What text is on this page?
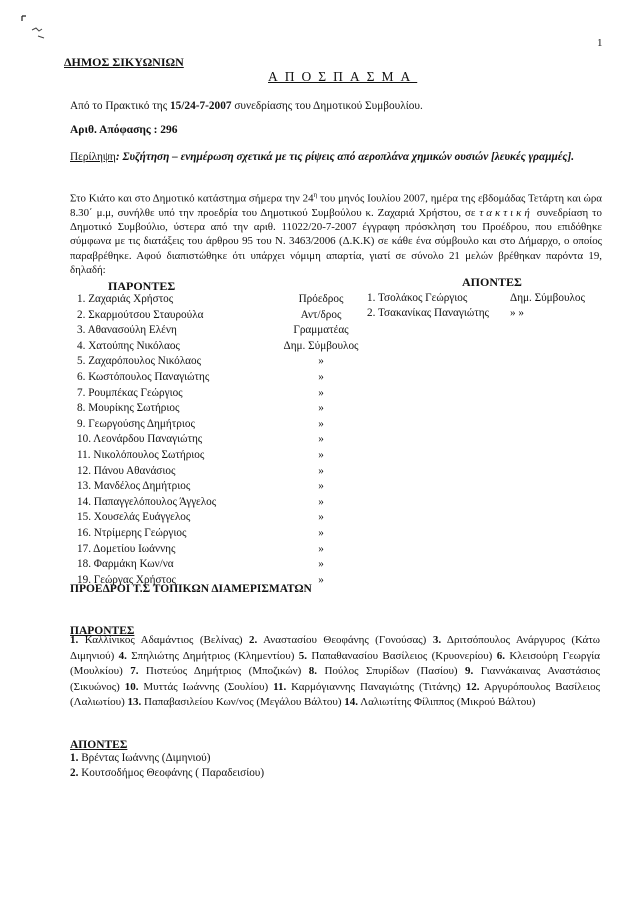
1
ΔΗΜΟΣ ΣΙΚΥΩΝΙΩΝ
ΑΠΟΣΠΑΣΜΑ
Από το Πρακτικό της 15/24-7-2007 συνεδρίασης του Δημοτικού Συμβουλίου.
Αριθ. Απόφασης : 296
Περίληψη: Συζήτηση – ενημέρωση σχετικά με τις ρίψεις από αεροπλάνα χημικών ουσιών [λευκές γραμμές].
Στο Κιάτο και στο Δημοτικό κατάστημα σήμερα την $24^\eta$ του μηνός Ιουλίου 2007, ημέρα της εβδομάδας Τετάρτη και ώρα 8.30΄ μ.μ, συνήλθε υπό την προεδρία του Δημοτικού Συμβούλου κ. Ζαχαριά Χρήστου, σε τακτική συνεδρίαση το Δημοτικό Συμβούλιο, ύστερα από την αριθ. 11022/20-7-2007 έγγραφη πρόσκληση του Προέδρου, που επιδόθηκε σύμφωνα με τις διατάξεις του άρθρου 95 του Ν. 3463/2006 (Δ.Κ.Κ) σε κάθε ένα σύμβουλο και στο Δήμαρχο, ο οποίος παραβρέθηκε. Αφού διαπιστώθηκε ότι υπάρχει νόμιμη απαρτία, γιατί σε σύνολο 21 μελών βρέθηκαν παρόντα 19, δηλαδή:
ΠΑΡΟΝΤΕΣ	ΑΠΟΝΤΕΣ
1. Ζαχαριάς Χρήστος	Πρόεδρος
2. Σκαρμούτσου Σταυρούλα	Αντ/δρος
3. Αθανασούλη Ελένη	Γραμματέας
4. Χατούπης Νικόλαος	Δημ. Σύμβουλος
5. Ζαχαρόπουλος Νικόλαος	»
6. Κωστόπουλος Παναγιώτης	»
7. Ρουμπέκας Γεώργιος	»
8. Μουρίκης Σωτήριος	»
9. Γεωργούσης Δημήτριος	»
10. Λεονάρδου Παναγιώτης	»
11. Νικολόπουλος Σωτήριος	»
12. Πάνου Αθανάσιος	»
13. Μανδέλος Δημήτριος	»
14. Παπαγγελόπουλος Άγγελος	»
15. Χουσελάς Ευάγγελος	»
16. Ντρίμερης Γεώργιος	»
17. Δομετίου Ιωάννης	»
18. Φαρμάκη Κων/να	»
19. Γεώργας Χρήστος	»
1. Τσολάκος Γεώργιος	Δημ. Σύμβουλος
2. Τσακανίκας Παναγιώτης » »
ΠΡΟΕΔΡΟΙ Τ.Σ ΤΟΠΙΚΩΝ ΔΙΑΜΕΡΙΣΜΑΤΩΝ
ΠΑΡΟΝΤΕΣ
1. Καλλίνικος Αδαμάντιος (Βελίνας) 2. Αναστασίου Θεοφάνης (Γονούσας) 3. Δριτσόπουλος Ανάργυρος (Κάτω Διμηνιού) 4. Σπηλιώτης Δημήτριος (Κλημεντίου) 5. Παπαθανασίου Βασίλειος (Κρυονερίου) 6. Κλεισούρη Γεωργία (Μουλκίου) 7. Πιστεύος Δημήτριος (Μποζικών) 8. Πούλος Σπυρίδων (Πασίου) 9. Γιαννάκαινας Αναστάσιος (Σικυώνος) 10. Μυττάς Ιωάννης (Σουλίου) 11. Καρμόγιαννης Παναγιώτης (Τιτάνης) 12. Αργυρόπουλος Βασίλειος (Λαλιωτίου) 13. Παπαβασιλείου Κων/νος (Μεγάλου Βάλτου) 14. Λαλιωτίτης Φίλιππος (Μικρού Βάλτου)
ΑΠΟΝΤΕΣ
1. Βρέντας Ιωάννης (Διμηνιού)
2. Κουτσοδήμος Θεοφάνης ( Παραδεισίου)
